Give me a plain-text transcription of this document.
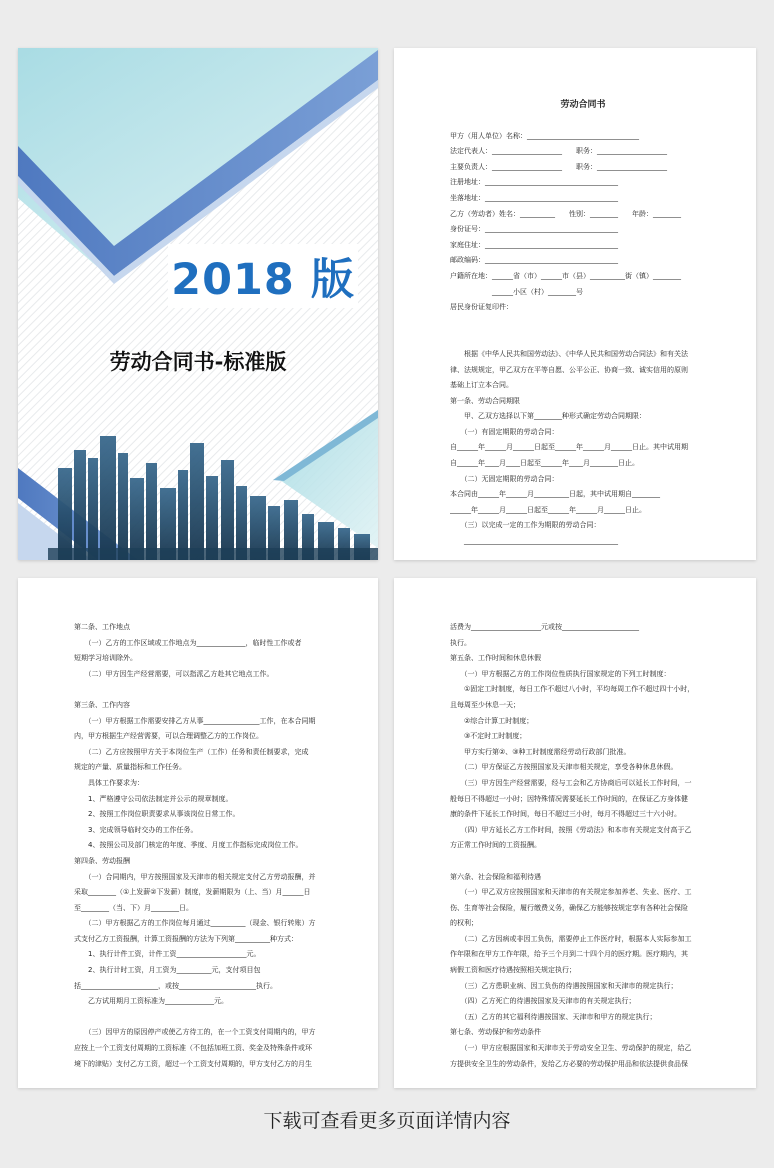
2018 版
劳动合同书-标准版
劳动合同书
甲方（用人单位）名称：________________________________
法定代表人：____________________　　职务：____________________
主要负责人：____________________　　职务：____________________
注册地址：______________________________________
坐落地址：______________________________________
乙方（劳动者）姓名：__________　　性别：________　　年龄：________
身份证号：______________________________________
家庭住址：______________________________________
邮政编码：______________________________________
户籍所在地：______省（市）______市（县）__________街（镇）________
　　　　　　______小区（村）________号
居民身份证复印件：
　　根据《中华人民共和国劳动法》、《中华人民共和国劳动合同法》和有关法
律、法规规定，甲乙双方在平等自愿、公平公正、协商一致、诚实信用的原则
基础上订立本合同。
第一条、劳动合同期限
　　甲、乙双方选择以下第________种形式确定劳动合同期限：
　　（一）有固定期限的劳动合同：
自______年______月______日起至______年______月______日止。其中试用期
自______年____月____日起至______年____月________日止。
　　（二）无固定期限的劳动合同：
本合同由______年______月__________日起，其中试用期自________
______年______月______日起至______年______月______日止。
　　（三）以完成一定的工作为期限的劳动合同：
　　____________________________________________
第二条、工作地点
　　（一）乙方的工作区域或工作地点为______________，临时性工作或者
短期学习培训除外。
　　（二）甲方因生产经营需要，可以指派乙方赴其它地点工作。
第三条、工作内容
　　（一）甲方根据工作需要安排乙方从事________________工作，在本合同期
内，甲方根据生产经营需要，可以合理调整乙方的工作岗位。
　　（二）乙方应按照甲方关于本岗位生产（工作）任务和责任制要求，完成
规定的产量、质量指标和工作任务。
　　具体工作要求为：
　　1、严格遵守公司依法制定并公示的规章制度。
　　2、按照工作岗位职责要求从事该岗位日常工作。
　　3、完成领导临时交办的工作任务。
　　4、按照公司及部门核定的年度、季度、月度工作指标完成岗位工作。
第四条、劳动报酬
　　（一）合同期内，甲方按照国家及天津市的相关规定支付乙方劳动报酬，并
采取________（①上发薪②下发薪）制度，发薪期限为（上、当）月______日
至________（当、下）月________日。
　　（二）甲方根据乙方的工作岗位每月通过__________（现金、银行转账）方
式支付乙方工资报酬，计算工资报酬的方法为下列第__________种方式：
　　1、执行计件工资，计件工资____________________元。
　　2、执行计时工资，月工资为__________元，支付项目包
括______________________，或按______________________执行。
　　乙方试用期月工资标准为______________元。
　　（三）因甲方的原因停产或使乙方待工的，在一个工资支付周期内的，甲方
应按上一个工资支付周期的工资标准（不包括加班工资、奖金及特殊条件或环
境下的津贴）支付乙方工资，超过一个工资支付周期的，甲方支付乙方的月生
活费为____________________元或按______________________
执行。
第五条、工作时间和休息休假
　　（一）甲方根据乙方的工作岗位性质执行国家规定的下列工时制度：
　　①固定工时制度，每日工作不超过八小时，平均每周工作不超过四十小时，
且每周至少休息一天；
　　②综合计算工时制度；
　　③不定时工时制度；
　　甲方实行第②、③种工时制度需经劳动行政部门批准。
　　（二）甲方保证乙方按照国家及天津市相关规定，享受各种休息休假。
　　（三）甲方因生产经营需要，经与工会和乙方协商后可以延长工作时间，一
般每日不得超过一小时；因特殊情况需要延长工作时间的，在保证乙方身体健
康的条件下延长工作时间，每日不超过三小时，每月不得超过三十六小时。
　　（四）甲方延长乙方工作时间，按照《劳动法》和本市有关规定支付高于乙
方正常工作时间的工资报酬。
第六条、社会保险和福利待遇
　　（一）甲乙双方应按照国家和天津市的有关规定参加养老、失业、医疗、工
伤、生育等社会保险，履行缴费义务，确保乙方能够按规定享有各种社会保险
的权利；
　　（二）乙方因病或非因工负伤，需要停止工作医疗时，根据本人实际参加工
作年限和在甲方工作年限，给予三个月到二十四个月的医疗期。医疗期内，其
病假工资和医疗待遇按照相关规定执行；
　　（三）乙方患职业病、因工负伤的待遇按照国家和天津市的规定执行；
　　（四）乙方死亡的待遇按国家及天津市的有关规定执行；
　　（五）乙方的其它福利待遇按国家、天津市和甲方的规定执行；
第七条、劳动保护和劳动条件
　　（一）甲方应根据国家和天津市关于劳动安全卫生、劳动保护的规定，给乙
方提供安全卫生的劳动条件，发给乙方必要的劳动保护用品和依法提供食品保
下载可查看更多页面详情内容
